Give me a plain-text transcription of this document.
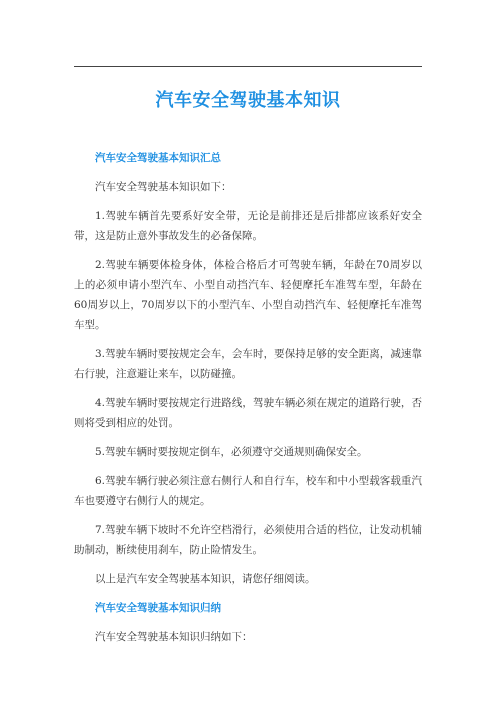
汽车安全驾驶基本知识

汽车安全驾驶基本知识汇总

汽车安全驾驶基本知识如下：

1.驾驶车辆首先要系好安全带，无论是前排还是后排都应该系好安全带，这是防止意外事故发生的必备保障。

2.驾驶车辆要体检身体，体检合格后才可驾驶车辆，年龄在70周岁以上的必须申请小型汽车、小型自动挡汽车、轻便摩托车准驾车型，年龄在60周岁以上，70周岁以下的小型汽车、小型自动挡汽车、轻便摩托车准驾车型。

3.驾驶车辆时要按规定会车，会车时，要保持足够的安全距离，减速靠右行驶，注意避让来车，以防碰撞。

4.驾驶车辆时要按规定行进路线，驾驶车辆必须在规定的道路行驶，否则将受到相应的处罚。

5.驾驶车辆时要按规定倒车，必须遵守交通规则确保安全。

6.驾驶车辆行驶必须注意右侧行人和自行车，校车和中小型载客载重汽车也要遵守右侧行人的规定。

7.驾驶车辆下坡时不允许空档滑行，必须使用合适的档位，让发动机辅助制动，断续使用刹车，防止险情发生。

以上是汽车安全驾驶基本知识，请您仔细阅读。

汽车安全驾驶基本知识归纳

汽车安全驾驶基本知识归纳如下：
